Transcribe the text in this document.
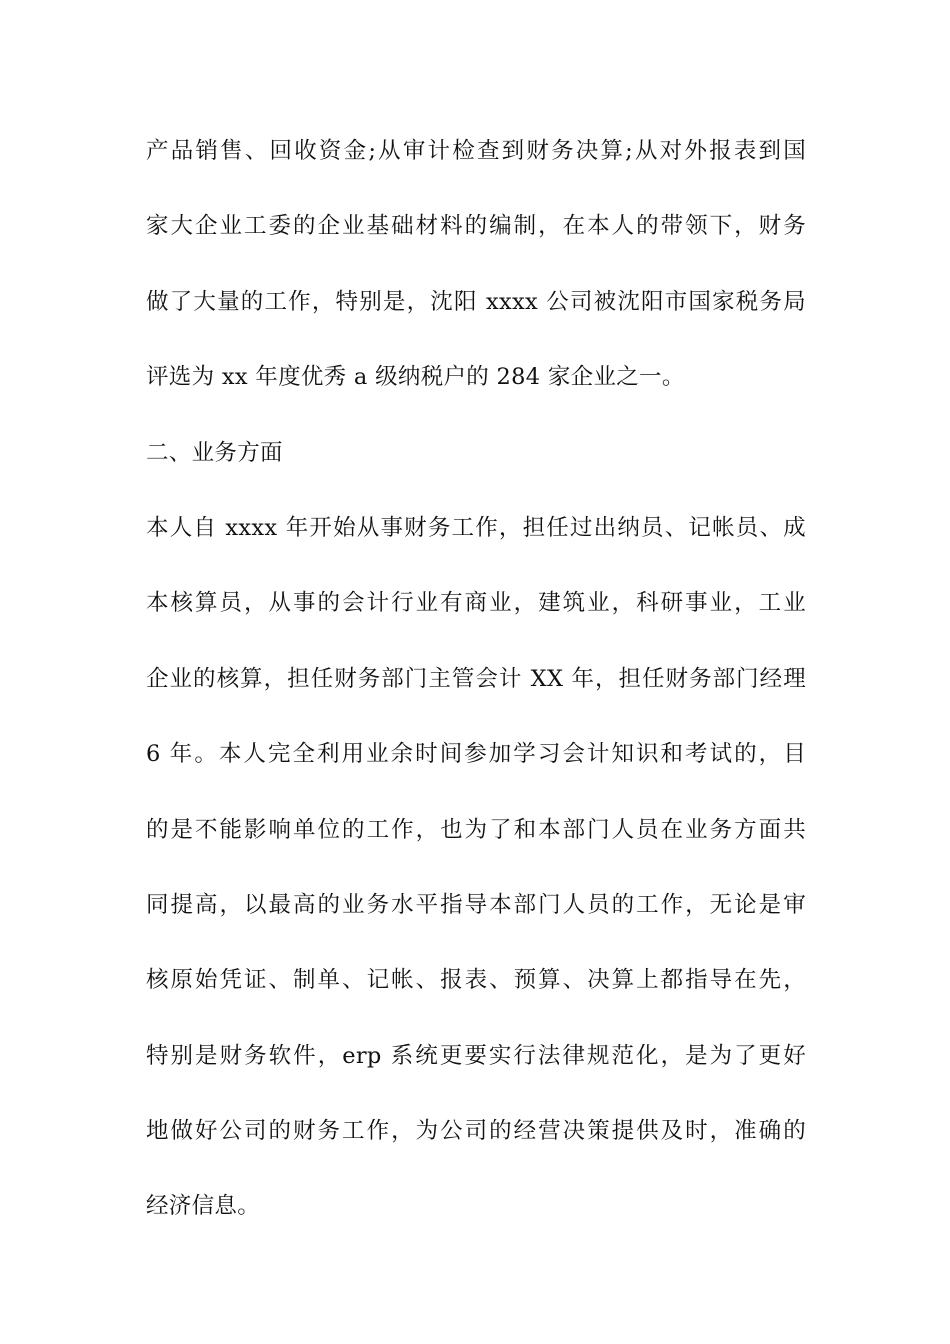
产品销售、回收资金;从审计检查到财务决算;从对外报表到国
家大企业工委的企业基础材料的编制，在本人的带领下，财务
做了大量的工作，特别是，沈阳 xxxx 公司被沈阳市国家税务局
评选为 xx 年度优秀 a 级纳税户的 284 家企业之一。
二、业务方面
本人自 xxxx 年开始从事财务工作，担任过出纳员、记帐员、成
本核算员，从事的会计行业有商业，建筑业，科研事业，工业
企业的核算，担任财务部门主管会计 XX 年，担任财务部门经理
6 年。本人完全利用业余时间参加学习会计知识和考试的，目
的是不能影响单位的工作，也为了和本部门人员在业务方面共
同提高，以最高的业务水平指导本部门人员的工作，无论是审
核原始凭证、制单、记帐、报表、预算、决算上都指导在先，
特别是财务软件，erp 系统更要实行法律规范化，是为了更好
地做好公司的财务工作，为公司的经营决策提供及时，准确的
经济信息。
